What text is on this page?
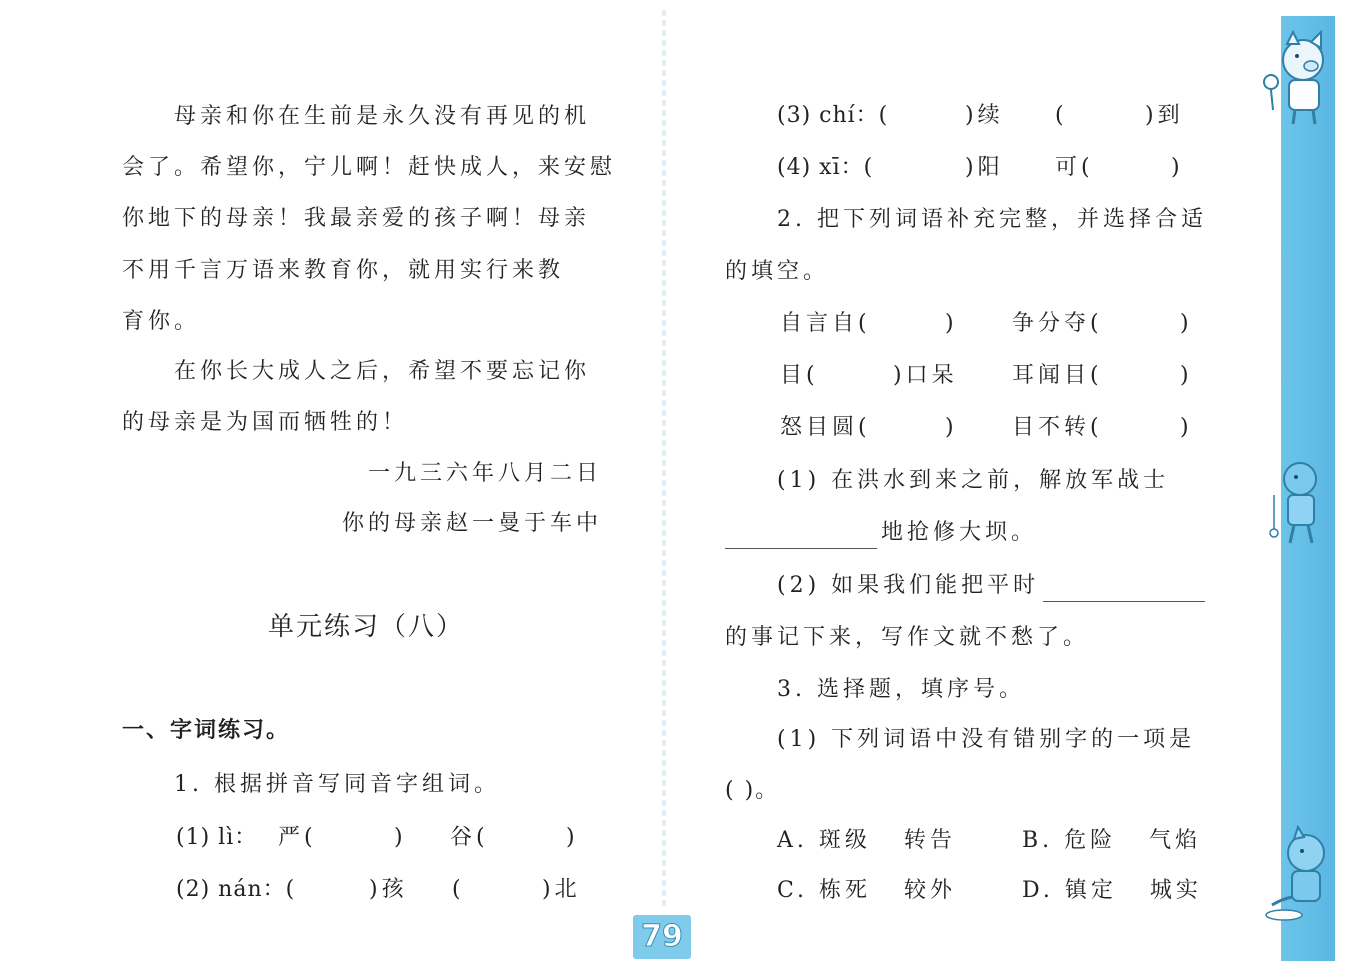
母亲和你在生前是永久没有再见的机
会了。希望你，宁儿啊！赶快成人，来安慰
你地下的母亲！我最亲爱的孩子啊！母亲
不用千言万语来教育你，就用实行来教
育你。
在你长大成人之后，希望不要忘记你
的母亲是为国而牺牲的！
一九三六年八月二日
你的母亲赵一曼于车中
单元练习（八）
一、字词练习。
1. 根据拼音写同音字组词。
(1) lì： 严(	) 谷(	)
(2) nán：(	)孩 (	)北
(3) chí：(	)续 (	)到
(4) xī：(	)阳 可(	)
2. 把下列词语补充完整，并选择合适
的填空。
自言自(	) 争分夺(	)
目(	)口呆 耳闻目(	)
怒目圆(	) 目不转(	)
(1) 在洪水到来之前，解放军战士
地抢修大坝。
(2) 如果我们能把平时
的事记下来，写作文就不愁了。
3. 选择题，填序号。
(1) 下列词语中没有错别字的一项是
( )。
A. 斑级   转告	B. 危险   气焰
C. 栋死   较外	D. 镇定   城实
79
